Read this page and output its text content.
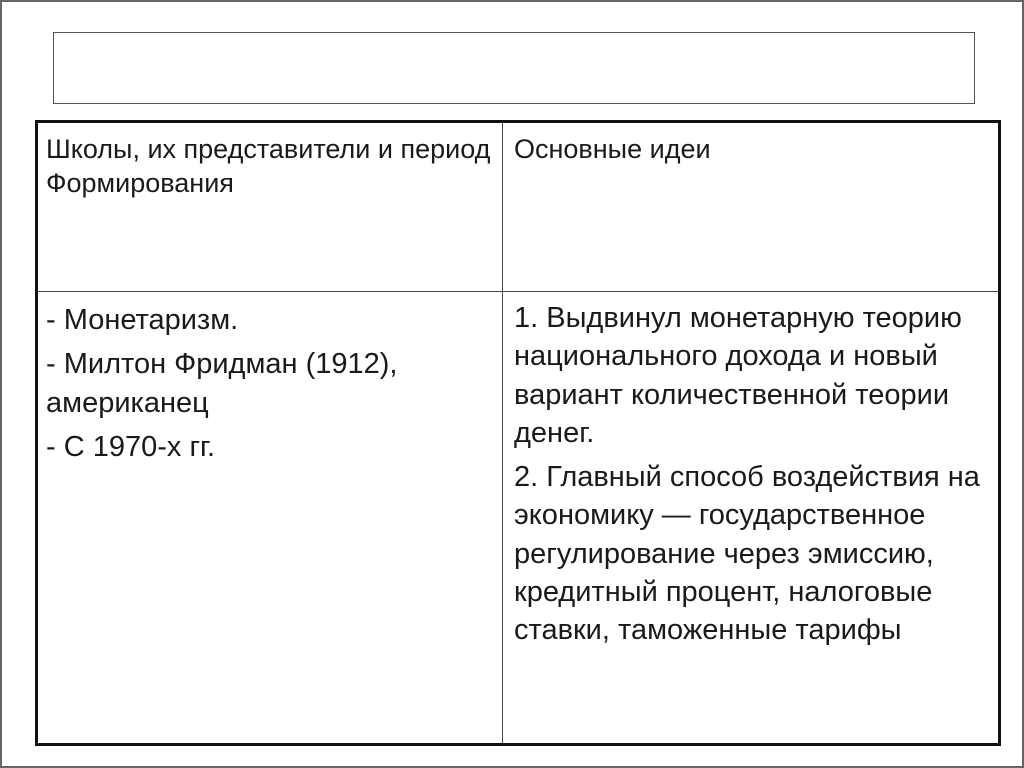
Школы, их представители и период Формирования
Основные идеи

- Монетаризм.

- Милтон Фридман (1912), американец

- С 1970-х гг.

1. Выдвинул монетарную теорию национального дохода и новый вариант количественной теории денег.

2. Главный способ воздействия на экономику — государственное регулирование через эмиссию, кредитный процент, налоговые ставки, таможенные тарифы
